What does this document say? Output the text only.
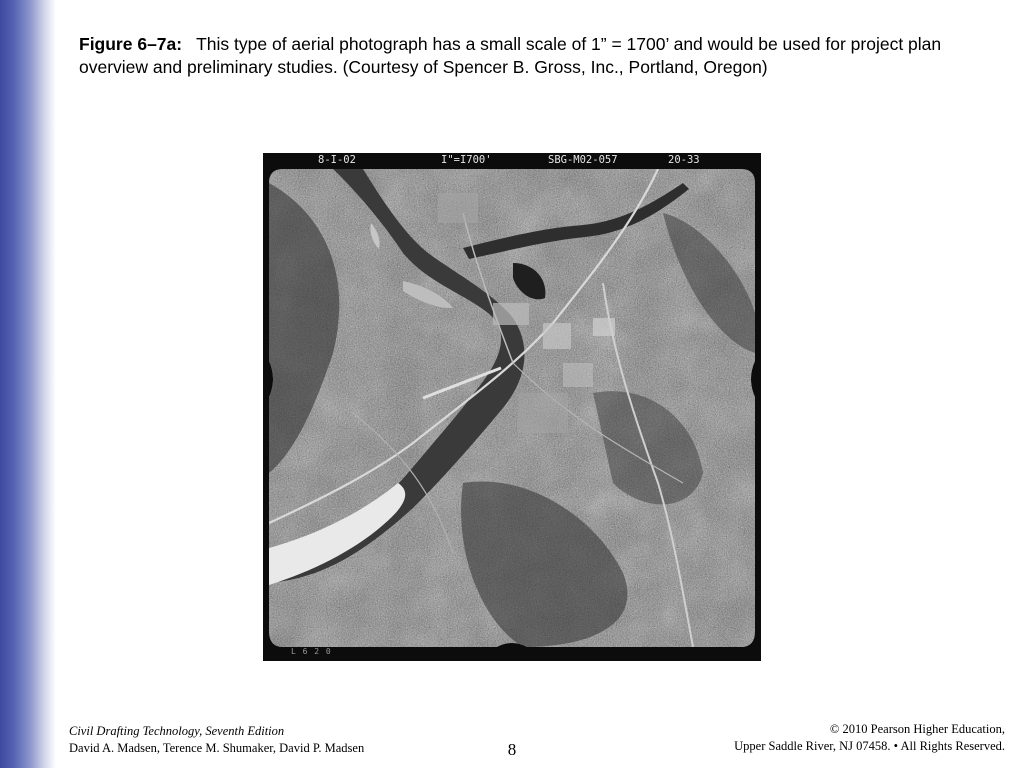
Figure 6–7a: This type of aerial photograph has a small scale of 1” = 1700’ and would be used for project plan overview and preliminary studies. (Courtesy of Spencer B. Gross, Inc., Portland, Oregon)
8-I-02	I"=I700'	SBG-M02-057	20-33
L 6 2 0
Civil Drafting Technology, Seventh Edition
David A. Madsen, Terence M. Shumaker, David P. Madsen	8
© 2010 Pearson Higher Education,
Upper Saddle River, NJ 07458. • All Rights Reserved.
